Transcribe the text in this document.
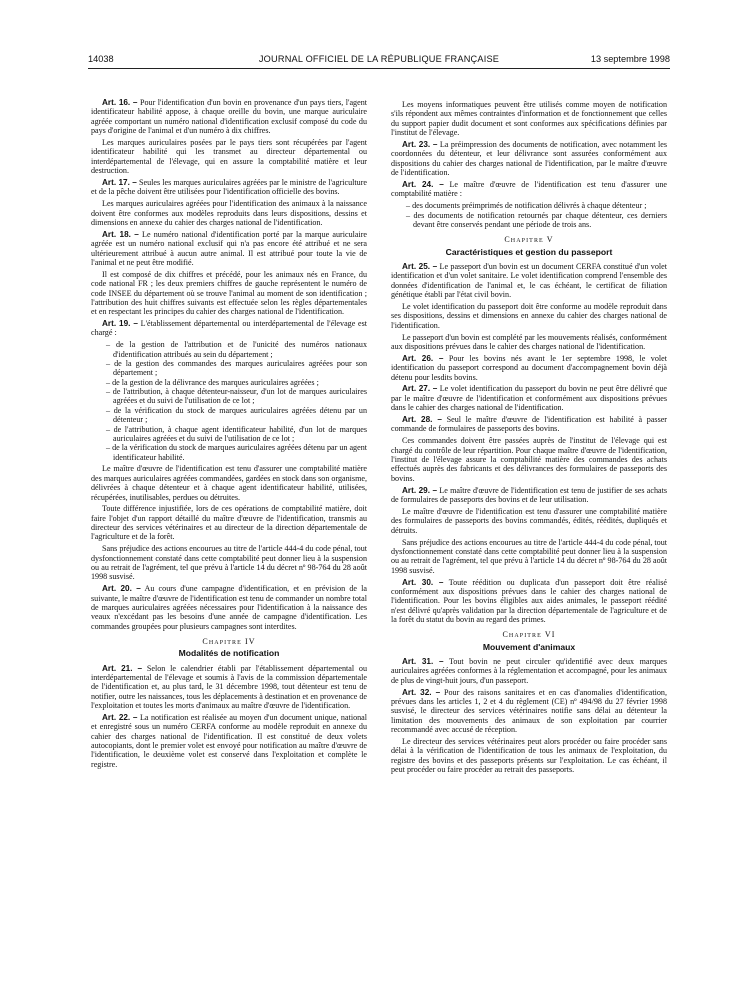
14038	JOURNAL OFFICIEL DE LA RÉPUBLIQUE FRANÇAISE	13 septembre 1998

Art. 16. – Pour l'identification d'un bovin en provenance d'un pays tiers, l'agent identificateur habilité appose, à chaque oreille du bovin, une marque auriculaire agréée comportant un numéro national d'identification exclusif composé du code du pays d'origine de l'animal et d'un numéro à dix chiffres.

Les marques auriculaires posées par le pays tiers sont récupérées par l'agent identificateur habilité qui les transmet au directeur départemental ou interdépartemental de l'élevage, qui en assure la comptabilité matière et leur destruction.

Art. 17. – Seules les marques auriculaires agréées par le ministre de l'agriculture et de la pêche doivent être utilisées pour l'identification officielle des bovins.

Les marques auriculaires agréées pour l'identification des animaux à la naissance doivent être conformes aux modèles reproduits dans leurs dispositions, dessins et dimensions en annexe du cahier des charges national de l'identification.

Art. 18. – Le numéro national d'identification porté par la marque auriculaire agréée est un numéro national exclusif qui n'a pas encore été attribué et ne sera ultérieurement attribué à aucun autre animal. Il est attribué pour toute la vie de l'animal et ne peut être modifié.

Il est composé de dix chiffres et précédé, pour les animaux nés en France, du code national FR ; les deux premiers chiffres de gauche représentent le numéro de code INSEE du département où se trouve l'animal au moment de son identification ; l'attribution des huit chiffres suivants est effectuée selon les règles départementales et en respectant les principes du cahier des charges national de l'identification.

Art. 19. – L'établissement départemental ou interdépartemental de l'élevage est chargé :

– de la gestion de l'attribution et de l'unicité des numéros nationaux d'identification attribués au sein du département ;
– de la gestion des commandes des marques auriculaires agréées pour son département ;
– de la gestion de la délivrance des marques auriculaires agréées ;
– de l'attribution, à chaque détenteur-naisseur, d'un lot de marques auriculaires agréées et du suivi de l'utilisation de ce lot ;
– de la vérification du stock de marques auriculaires agréées détenu par un détenteur ;
– de l'attribution, à chaque agent identificateur habilité, d'un lot de marques auriculaires agréées et du suivi de l'utilisation de ce lot ;
– de la vérification du stock de marques auriculaires agréées détenu par un agent identificateur habilité.

Le maître d'œuvre de l'identification est tenu d'assurer une comptabilité matière des marques auriculaires agréées commandées, gardées en stock dans son organisme, délivrées à chaque détenteur et à chaque agent identificateur habilité, utilisées, récupérées, inutilisables, perdues ou détruites.

Toute différence injustifiée, lors de ces opérations de comptabilité matière, doit faire l'objet d'un rapport détaillé du maître d'œuvre de l'identification, transmis au directeur des services vétérinaires et au directeur de la direction départementale de l'agriculture et de la forêt.

Sans préjudice des actions encourues au titre de l'article 444-4 du code pénal, tout dysfonctionnement constaté dans cette comptabilité peut donner lieu à la suspension ou au retrait de l'agrément, tel que prévu à l'article 14 du décret nº 98-764 du 28 août 1998 susvisé.

Art. 20. – Au cours d'une campagne d'identification, et en prévision de la suivante, le maître d'œuvre de l'identification est tenu de commander un nombre total de marques auriculaires agréées nécessaires pour l'identification à la naissance des veaux n'excédant pas les besoins d'une année de campagne d'identification. Les commandes groupées pour plusieurs campagnes sont interdites.

Chapitre IV
Modalités de notification

Art. 21. – Selon le calendrier établi par l'établissement départemental ou interdépartemental de l'élevage et soumis à l'avis de la commission départementale de l'identification et, au plus tard, le 31 décembre 1998, tout détenteur est tenu de notifier, outre les naissances, tous les déplacements à destination et en provenance de l'exploitation et toutes les morts d'animaux au maître d'œuvre de l'identification.

Art. 22. – La notification est réalisée au moyen d'un document unique, national et enregistré sous un numéro CERFA conforme au modèle reproduit en annexe du cahier des charges national de l'identification. Il est constitué de deux volets autocopiants, dont le premier volet est envoyé pour notification au maître d'œuvre de l'identification, le deuxième volet est conservé dans l'exploitation et complète le registre.

Les moyens informatiques peuvent être utilisés comme moyen de notification s'ils répondent aux mêmes contraintes d'information et de fonctionnement que celles du support papier dudit document et sont conformes aux spécifications définies par l'institut de l'élevage.

Art. 23. – La préimpression des documents de notification, avec notamment les coordonnées du détenteur, et leur délivrance sont assurées conformément aux dispositions du cahier des charges national de l'identification, par le maître d'œuvre de l'identification.

Art. 24. – Le maître d'œuvre de l'identification est tenu d'assurer une comptabilité matière :

– des documents préimprimés de notification délivrés à chaque détenteur ;
– des documents de notification retournés par chaque détenteur, ces derniers devant être conservés pendant une période de trois ans.
Chapitre V
Caractéristiques et gestion du passeport

Art. 25. – Le passeport d'un bovin est un document CERFA constitué d'un volet identification et d'un volet sanitaire. Le volet identification comprend l'ensemble des données d'identification de l'animal et, le cas échéant, le certificat de filiation génétique établi par l'état civil bovin.

Le volet identification du passeport doit être conforme au modèle reproduit dans ses dispositions, dessins et dimensions en annexe du cahier des charges national de l'identification.

Le passeport d'un bovin est complété par les mouvements réalisés, conformément aux dispositions prévues dans le cahier des charges national de l'identification.

Art. 26. – Pour les bovins nés avant le 1er septembre 1998, le volet identification du passeport correspond au document d'accompagnement bovin déjà détenu pour lesdits bovins.

Art. 27. – Le volet identification du passeport du bovin ne peut être délivré que par le maître d'œuvre de l'identification et conformément aux dispositions prévues dans le cahier des charges national de l'identification.

Art. 28. – Seul le maître d'œuvre de l'identification est habilité à passer commande de formulaires de passeports des bovins.

Ces commandes doivent être passées auprès de l'institut de l'élevage qui est chargé du contrôle de leur répartition. Pour chaque maître d'œuvre de l'identification, l'institut de l'élevage assure la comptabilité matière des commandes des achats effectués auprès des fabricants et des délivrances des formulaires de passeports des bovins.

Art. 29. – Le maître d'œuvre de l'identification est tenu de justifier de ses achats de formulaires de passeports des bovins et de leur utilisation.

Le maître d'œuvre de l'identification est tenu d'assurer une comptabilité matière des formulaires de passeports des bovins commandés, édités, réédités, dupliqués et détruits.

Sans préjudice des actions encourues au titre de l'article 444-4 du code pénal, tout dysfonctionnement constaté dans cette comptabilité peut donner lieu à la suspension ou au retrait de l'agrément, tel que prévu à l'article 14 du décret nº 98-764 du 28 août 1998 susvisé.

Art. 30. – Toute réédition ou duplicata d'un passeport doit être réalisé conformément aux dispositions prévues dans le cahier des charges national de l'identification. Pour les bovins éligibles aux aides animales, le passeport réédité n'est délivré qu'après validation par la direction départementale de l'agriculture et de la forêt du statut du bovin au regard des primes.

Chapitre VI
Mouvement d'animaux

Art. 31. – Tout bovin ne peut circuler qu'identifié avec deux marques auriculaires agréées conformes à la réglementation et accompagné, pour les animaux de plus de vingt-huit jours, d'un passeport.

Art. 32. – Pour des raisons sanitaires et en cas d'anomalies d'identification, prévues dans les articles 1, 2 et 4 du règlement (CE) nº 494/98 du 27 février 1998 susvisé, le directeur des services vétérinaires notifie sans délai au détenteur la limitation des mouvements des animaux de son exploitation par courrier recommandé avec accusé de réception.

Le directeur des services vétérinaires peut alors procéder ou faire procéder sans délai à la vérification de l'identification de tous les animaux de l'exploitation, du registre des bovins et des passeports présents sur l'exploitation. Le cas échéant, il peut procéder ou faire procéder au retrait des passeports.
